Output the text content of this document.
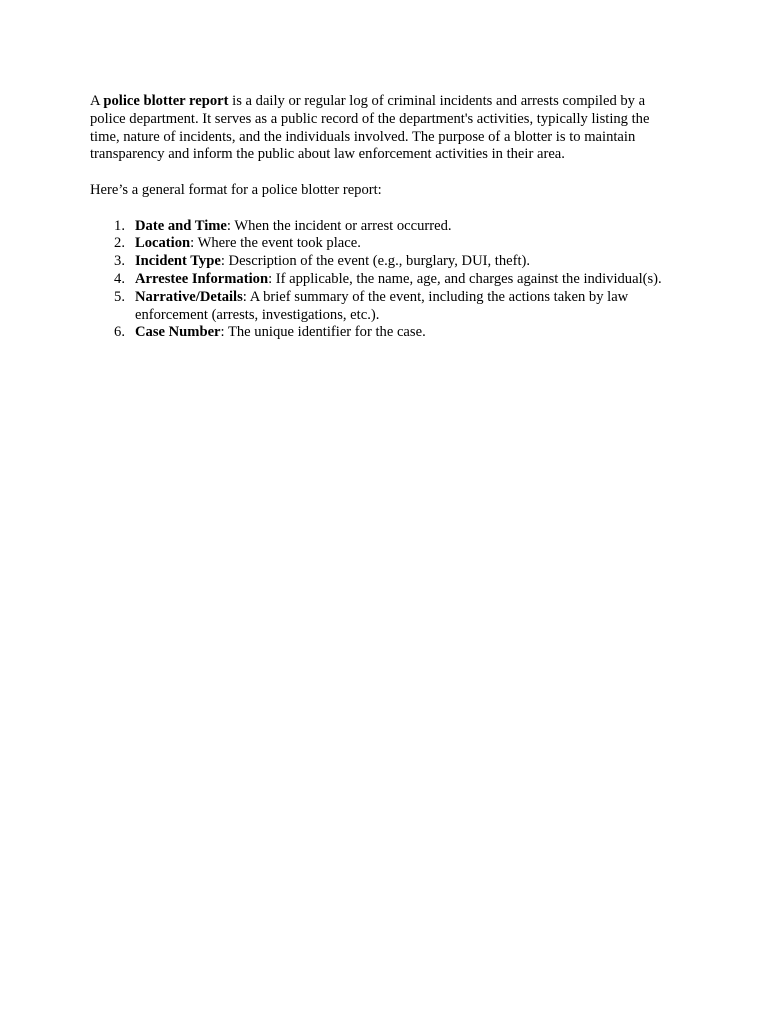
A police blotter report is a daily or regular log of criminal incidents and arrests compiled by a police department. It serves as a public record of the department's activities, typically listing the time, nature of incidents, and the individuals involved. The purpose of a blotter is to maintain transparency and inform the public about law enforcement activities in their area.

Here’s a general format for a police blotter report:

1. Date and Time: When the incident or arrest occurred.
2. Location: Where the event took place.
3. Incident Type: Description of the event (e.g., burglary, DUI, theft).
4. Arrestee Information: If applicable, the name, age, and charges against the individual(s).
5. Narrative/Details: A brief summary of the event, including the actions taken by law enforcement (arrests, investigations, etc.).
6. Case Number: The unique identifier for the case.
